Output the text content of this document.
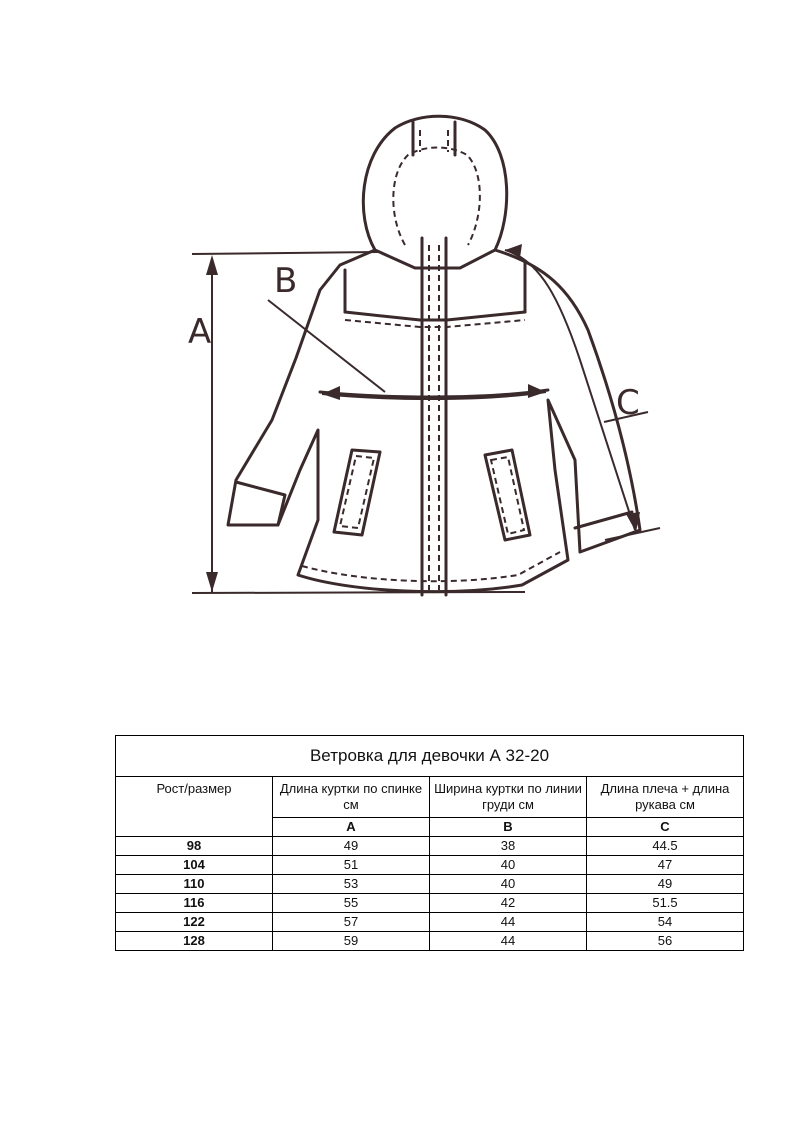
A
B
C
Ветровка для девочки А 32-20			
Рост/размер	Длина куртки по спинке см	Ширина куртки по линии груди см	Длина плеча + длина рукава см
	A	B	C
98	49	38	44.5
104	51	40	47
110	53	40	49
116	55	42	51.5
122	57	44	54
128	59	44	56
